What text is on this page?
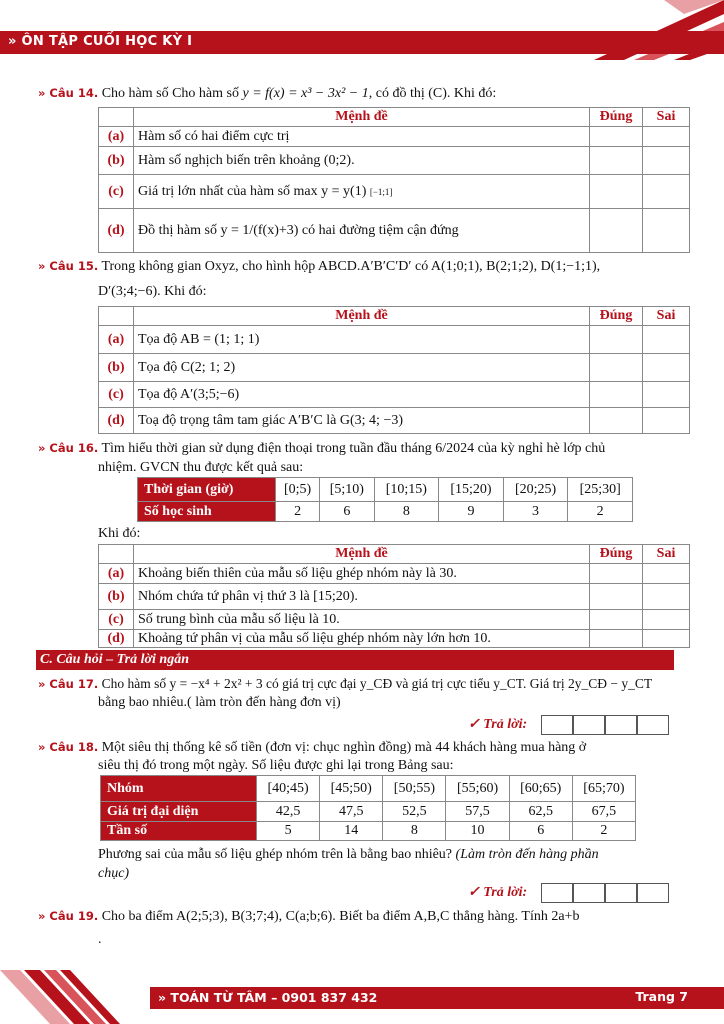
» ÔN TẬP CUỐI HỌC KỲ I
» Câu 14. Cho hàm số Cho hàm số y = f(x) = x³ − 3x² − 1, có đồ thị (C). Khi đó:
	Mệnh đề	Đúng	Sai
(a)	Hàm số có hai điểm cực trị		
(b)	Hàm số nghịch biến trên khoảng (0;2).		
(c)	Giá trị lớn nhất của hàm số max y = y(1) [−1;1]		
(d)	Đồ thị hàm số y = 1/(f(x)+3) có hai đường tiệm cận đứng		
» Câu 15. Trong không gian Oxyz, cho hình hộp ABCD.A′B′C′D′ có A(1;0;1), B(2;1;2), D(1;−1;1),
D′(3;4;−6). Khi đó:
	Mệnh đề	Đúng	Sai
(a)	Tọa độ AB = (1; 1; 1)		
(b)	Tọa độ C(2; 1; 2)		
(c)	Tọa độ A′(3;5;−6)		
(d)	Toạ độ trọng tâm tam giác A′B′C là G(3; 4; −3)		
» Câu 16. Tìm hiểu thời gian sử dụng điện thoại trong tuần đầu tháng 6/2024 của kỳ nghỉ hè lớp chủ
nhiệm. GVCN thu được kết quả sau:
Thời gian (giờ)	[0;5)	[5;10)	[10;15)	[15;20)	[20;25)	[25;30]
Số học sinh	2	6	8	9	3	2
Khi đó:
	Mệnh đề	Đúng	Sai
(a)	Khoảng biến thiên của mẫu số liệu ghép nhóm này là 30.		
(b)	Nhóm chứa tứ phân vị thứ 3 là [15;20).		
(c)	Số trung bình của mẫu số liệu là 10.		
(d)	Khoảng tứ phân vị của mẫu số liệu ghép nhóm này lớn hơn 10.		
C. Câu hỏi – Trả lời ngắn
» Câu 17. Cho hàm số y = −x⁴ + 2x² + 3 có giá trị cực đại y_CĐ và giá trị cực tiểu y_CT. Giá trị 2y_CĐ − y_CT
bằng bao nhiêu.( làm tròn đến hàng đơn vị)
✓ Trả lời:
» Câu 18. Một siêu thị thống kê số tiền (đơn vị: chục nghìn đồng) mà 44 khách hàng mua hàng ở
siêu thị đó trong một ngày. Số liệu được ghi lại trong Bảng sau:
Nhóm	[40;45)	[45;50)	[50;55)	[55;60)	[60;65)	[65;70)
Giá trị đại diện	42,5	47,5	52,5	57,5	62,5	67,5
Tần số	5	14	8	10	6	2
Phương sai của mẫu số liệu ghép nhóm trên là bằng bao nhiêu? (Làm tròn đến hàng phần
chục)
✓ Trả lời:
» Câu 19. Cho ba điểm A(2;5;3), B(3;7;4), C(a;b;6). Biết ba điểm A,B,C thẳng hàng. Tính 2a+b
.
» TOÁN TỪ TÂM – 0901 837 432	Trang 7
